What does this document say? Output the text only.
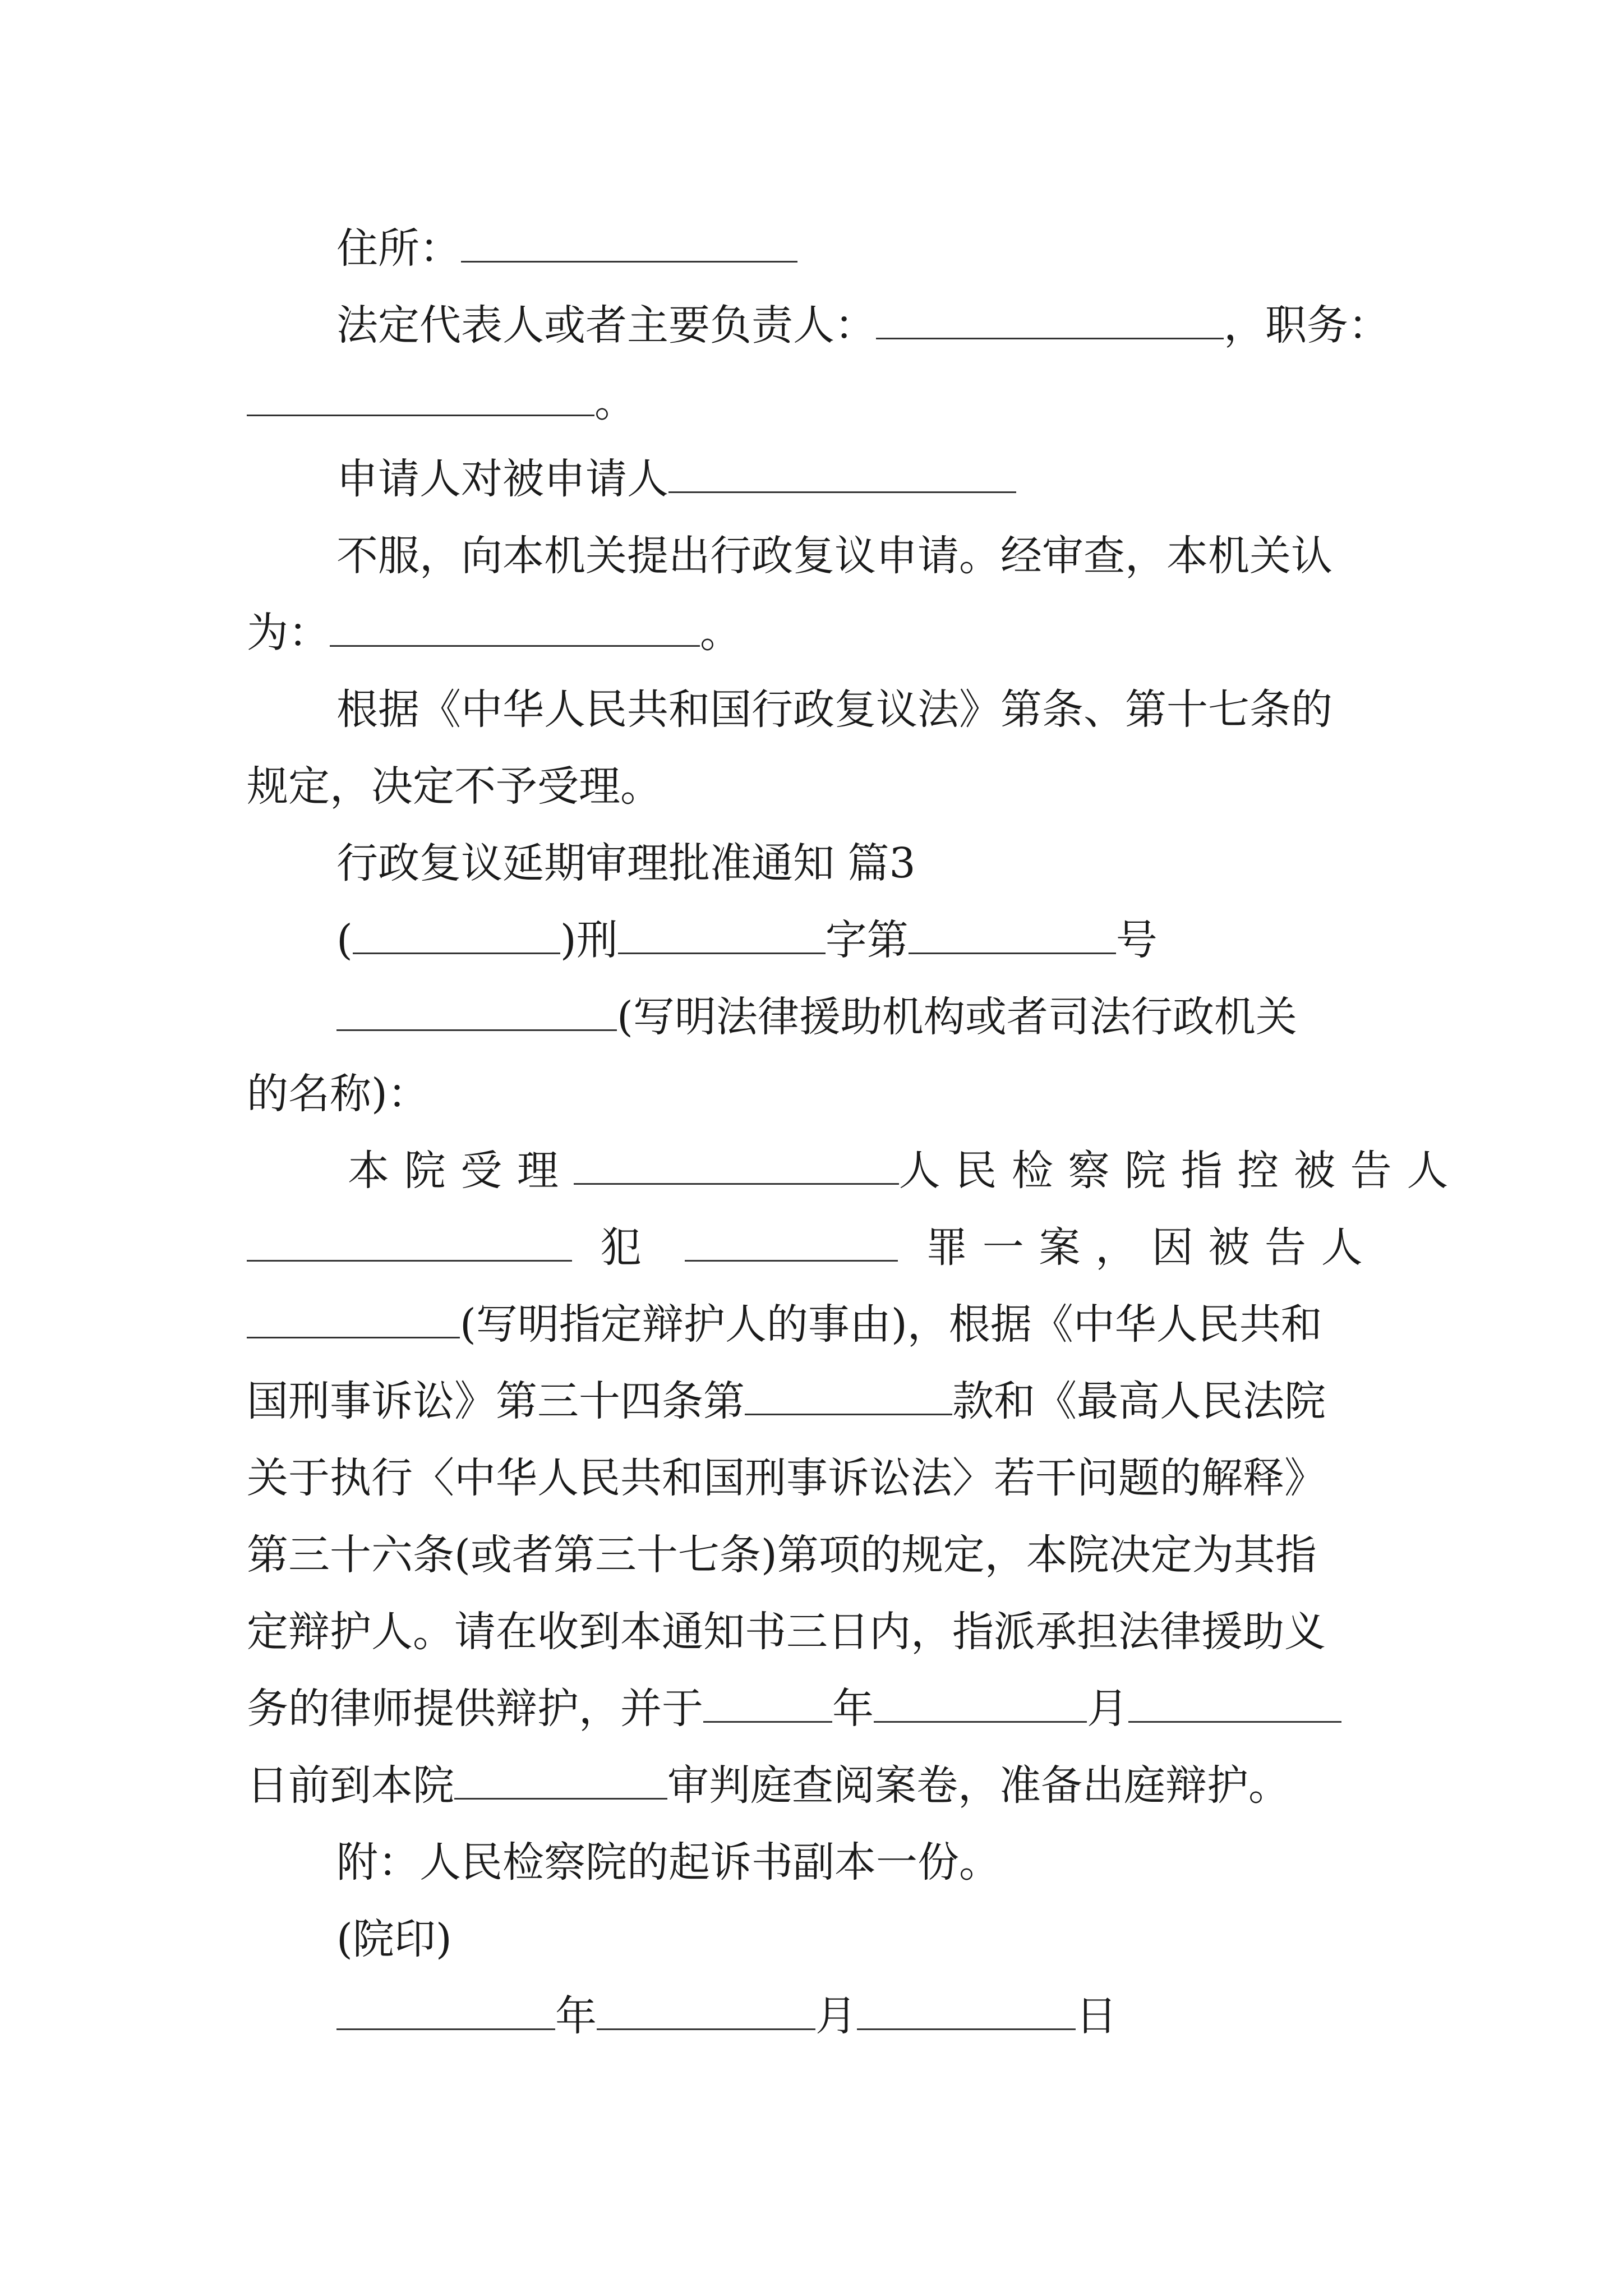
住所：
法定代表人或者主要负责人：	，职务：
。
申请人对被申请人
不服，向本机关提出行政复议申请。经审查，本机关认
为：	。
根据《中华人民共和国行政复议法》第条、第十七条的
规定，决定不予受理。
行政复议延期审理批准通知 篇3
(	)刑	字第	号
(写明法律援助机构或者司法行政机关
的名称)：
本院受理	人民检察院指控被告人
犯	罪一案，因被告人
(写明指定辩护人的事由)，根据《中华人民共和
国刑事诉讼》第三十四条第	款和《最高人民法院
关于执行〈中华人民共和国刑事诉讼法〉若干问题的解释》
第三十六条(或者第三十七条)第项的规定，本院决定为其指
定辩护人。请在收到本通知书三日内，指派承担法律援助义
务的律师提供辩护，并于	年	月
日前到本院	审判庭查阅案卷，准备出庭辩护。
附：人民检察院的起诉书副本一份。
(院印)
年	月	日
